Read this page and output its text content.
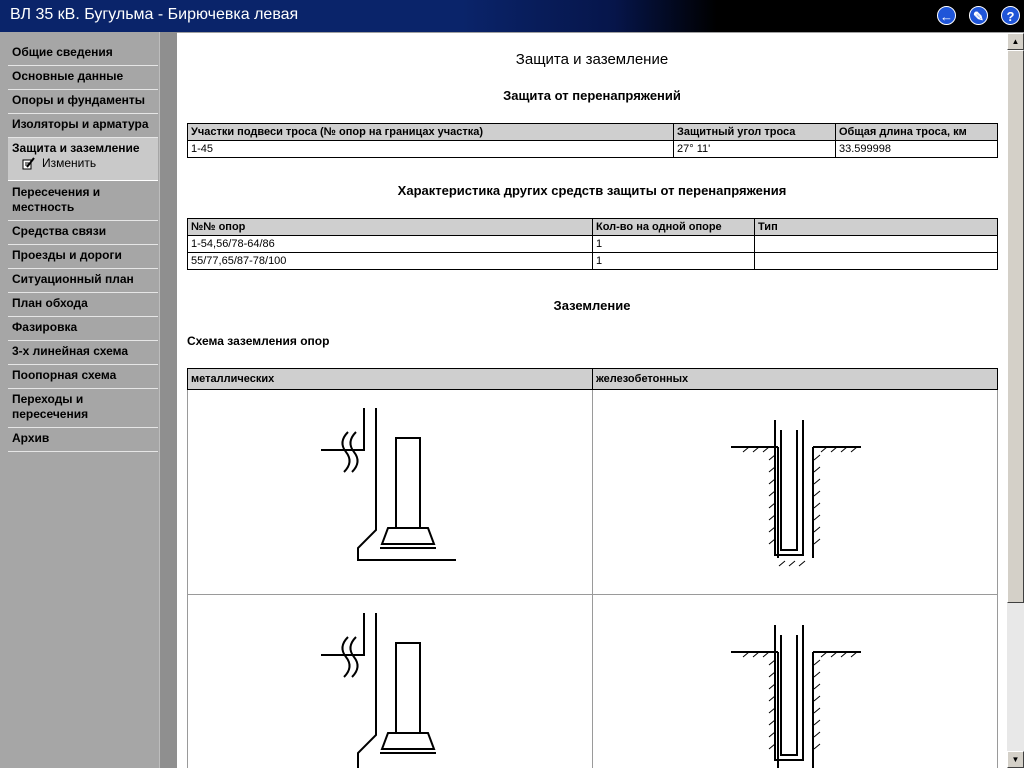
ВЛ 35 кВ. Бугульма - Бирючевка левая	←	✎	?
Общие сведения
Основные данные
Опоры и фундаменты
Изоляторы и арматура
Защита и заземление
Изменить
Пересечения и местность
Средства связи
Проезды и дороги
Ситуационный план
План обхода
Фазировка
3-х линейная схема
Поопорная схема
Переходы и пересечения
Архив
Защита и заземление
Защита от перенапряжений
Участки подвеси троса (№ опор на границах участка)	Защитный угол троса	Общая длина троса, км
1-45	27° 11'	33.599998
Характеристика других средств защиты от перенапряжения
№№ опор	Кол-во на одной опоре	Тип
1-54,56/78-64/86	1	
55/77,65/87-78/100	1	
Заземление
Схема заземления опор
металлических	железобетонных

▲
▼
